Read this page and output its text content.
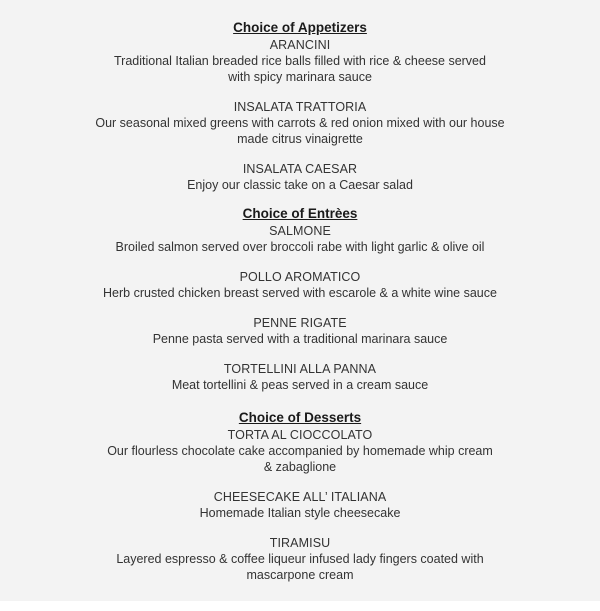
Choice of Appetizers
ARANCINI
Traditional Italian breaded rice balls filled with rice & cheese served with spicy marinara sauce
INSALATA TRATTORIA
Our seasonal mixed greens with carrots & red onion mixed with our house made citrus vinaigrette
INSALATA CAESAR
Enjoy our classic take on a Caesar salad
Choice of Entrèes
SALMONE
Broiled salmon served over broccoli rabe with light garlic & olive oil
POLLO AROMATICO
Herb crusted chicken breast served with escarole & a white wine sauce
PENNE RIGATE
Penne pasta served with a traditional marinara sauce
TORTELLINI ALLA PANNA
Meat tortellini & peas served in a cream sauce
Choice of Desserts
TORTA AL CIOCCOLATO
Our flourless chocolate cake accompanied by homemade whip cream & zabaglione
CHEESECAKE ALL’ ITALIANA
Homemade Italian style cheesecake
TIRAMISU
Layered espresso & coffee liqueur infused lady fingers coated with mascarpone cream
